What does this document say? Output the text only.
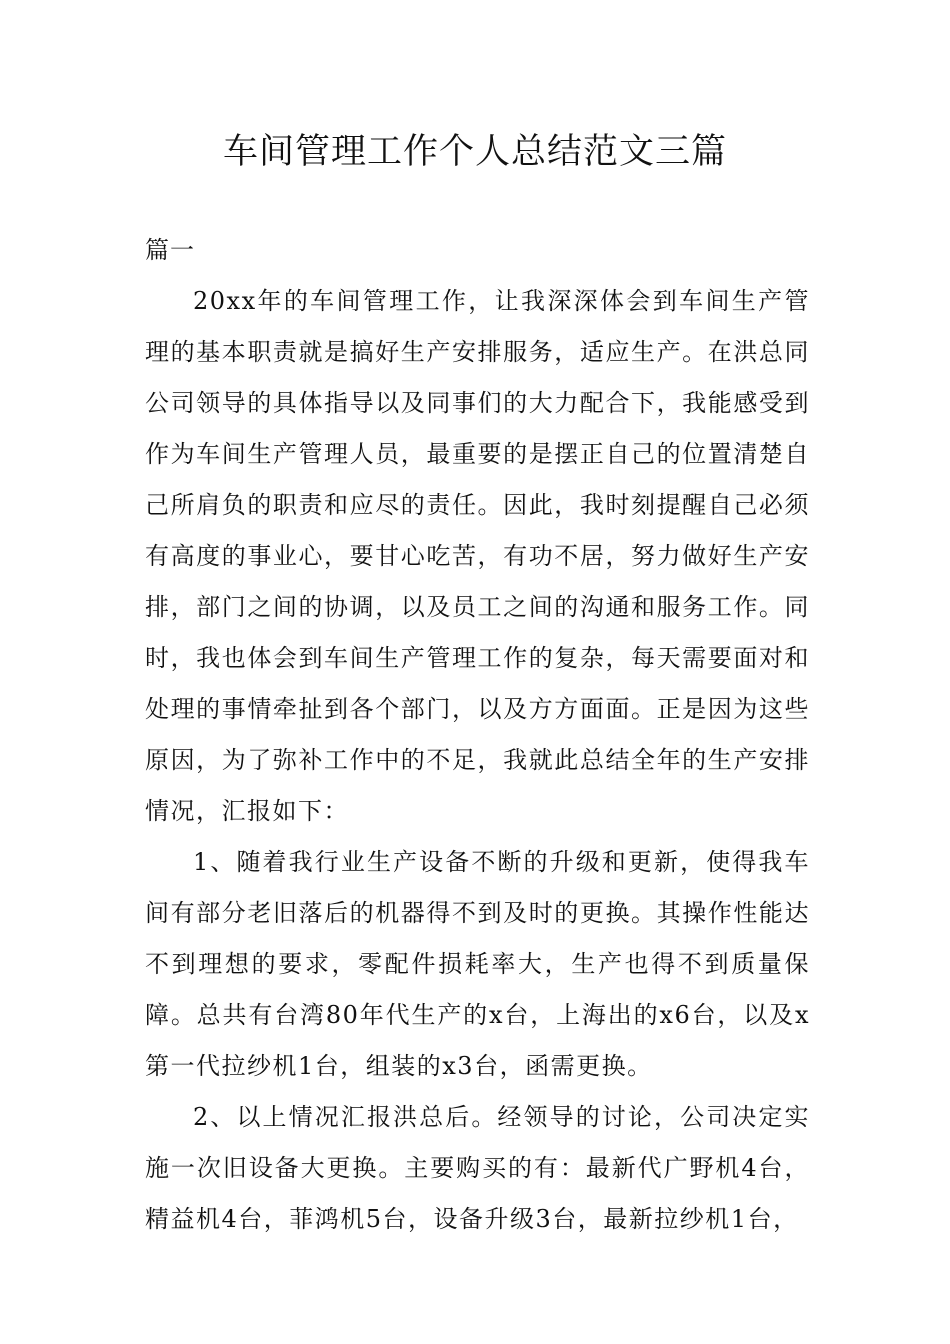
车间管理工作个人总结范文三篇

篇一

20xx年的车间管理工作，让我深深体会到车间生产管理的基本职责就是搞好生产安排服务，适应生产。在洪总同公司领导的具体指导以及同事们的大力配合下，我能感受到作为车间生产管理人员，最重要的是摆正自己的位置清楚自己所肩负的职责和应尽的责任。因此，我时刻提醒自己必须有高度的事业心，要甘心吃苦，有功不居，努力做好生产安排，部门之间的协调，以及员工之间的沟通和服务工作。同时，我也体会到车间生产管理工作的复杂，每天需要面对和处理的事情牵扯到各个部门，以及方方面面。正是因为这些原因，为了弥补工作中的不足，我就此总结全年的生产安排情况，汇报如下：

1、随着我行业生产设备不断的升级和更新，使得我车间有部分老旧落后的机器得不到及时的更换。其操作性能达不到理想的要求，零配件损耗率大，生产也得不到质量保障。总共有台湾80年代生产的x台，上海出的x6台，以及x第一代拉纱机1台，组装的x3台，函需更换。

2、以上情况汇报洪总后。经领导的讨论，公司决定实施一次旧设备大更换。主要购买的有：最新代广野机4台，精益机4台，菲鸿机5台，设备升级3台，最新拉纱机1台，
